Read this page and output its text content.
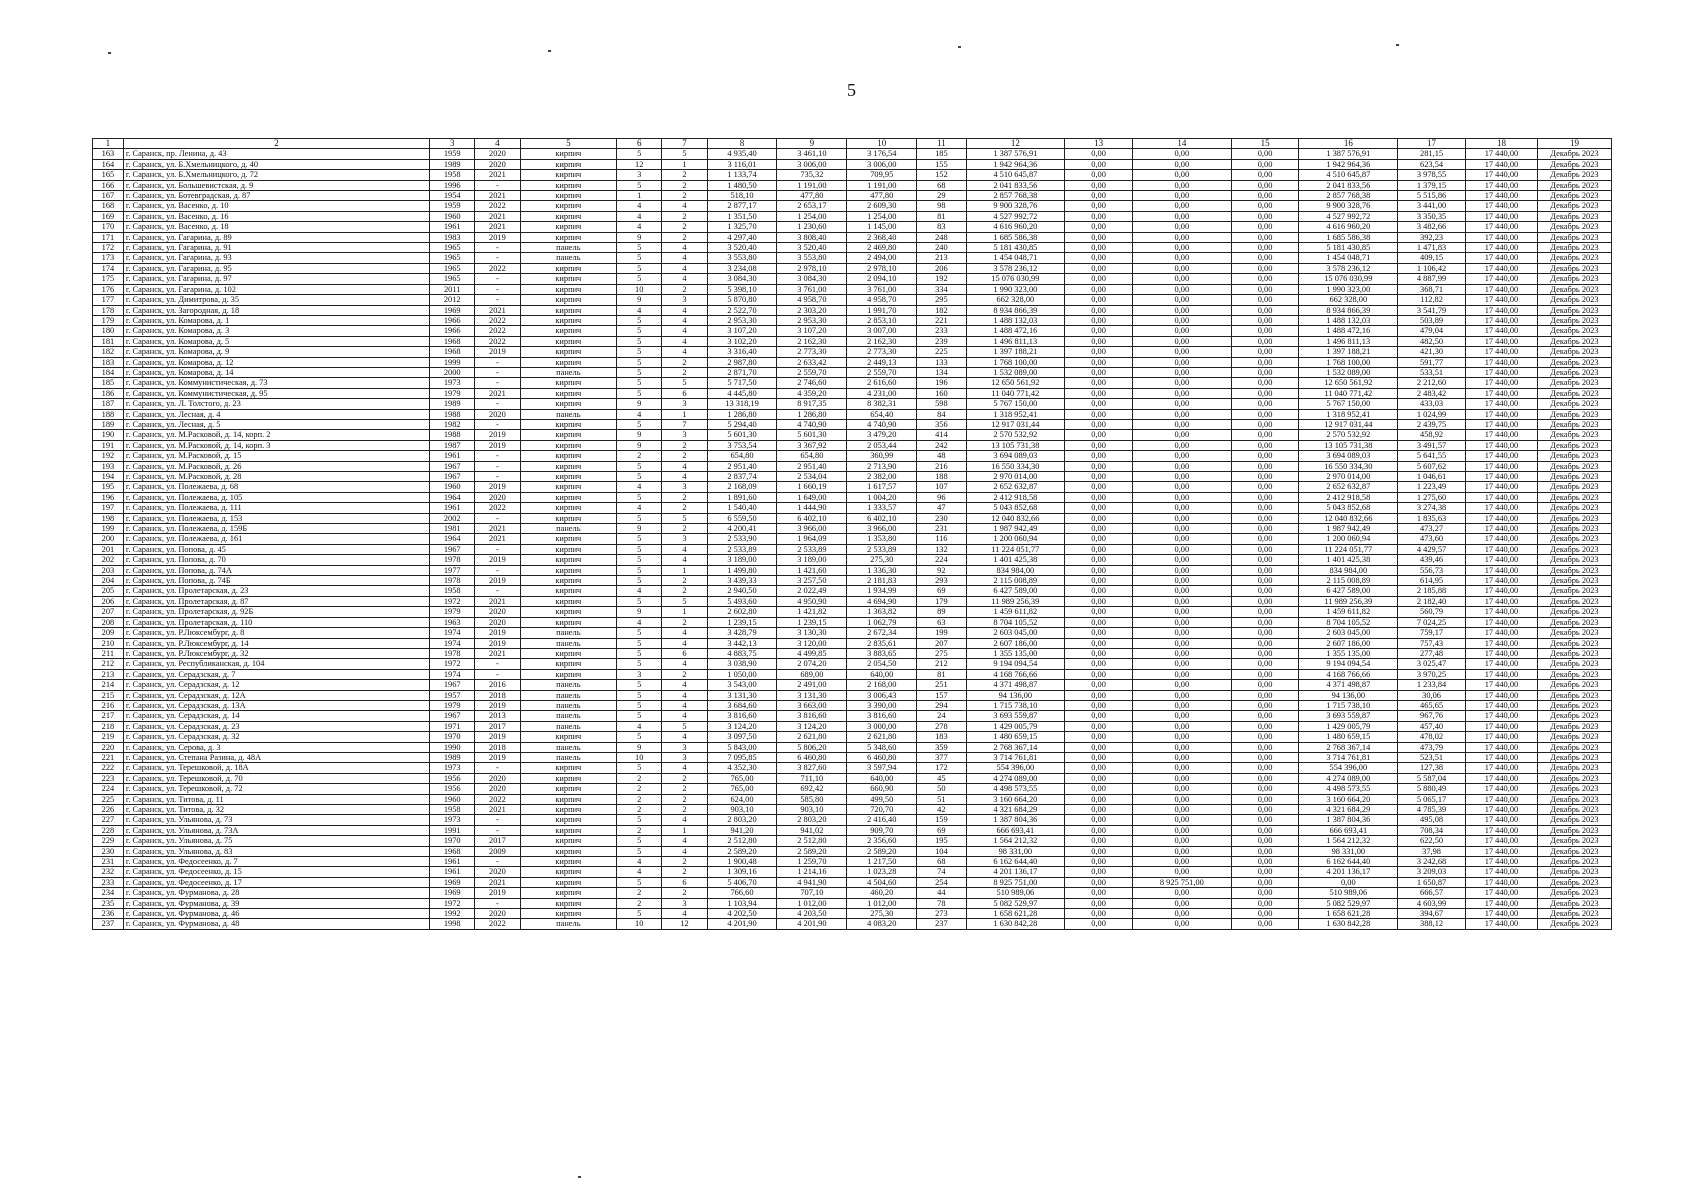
5
1	2	3	4	5	6	7	8	9	10	11	12	13	14	15	16	17	18	19
163	г. Саранск, пр. Ленина, д. 43	1959	2020	кирпич	5	5	4 935,40	3 461,10	3 176,54	185	1 387 576,91	0,00	0,00	0,00	1 387 576,91	281,15	17 440,00	Декабрь 2023
164	г. Саранск, ул. Б.Хмельницкого, д. 40	1989	2020	кирпич	12	1	3 116,01	3 006,00	3 006,00	155	1 942 964,36	0,00	0,00	0,00	1 942 964,36	623,54	17 440,00	Декабрь 2023
165	г. Саранск, ул. Б.Хмельницкого, д. 72	1958	2021	кирпич	3	2	1 133,74	735,32	709,95	152	4 510 645,87	0,00	0,00	0,00	4 510 645,87	3 978,55	17 440,00	Декабрь 2023
166	г. Саранск, ул. Большевистская, д. 9	1996	-	кирпич	5	2	1 480,50	1 191,00	1 191,00	68	2 041 833,56	0,00	0,00	0,00	2 041 833,56	1 379,15	17 440,00	Декабрь 2023
167	г. Саранск, ул. Ботевградская, д. 87	1954	2021	кирпич	1	2	518,10	477,80	477,80	29	2 857 768,38	0,00	0,00	0,00	2 857 768,38	5 515,86	17 440,00	Декабрь 2023
168	г. Саранск, ул. Васенко, д. 10	1959	2022	кирпич	4	4	2 877,17	2 653,17	2 609,30	98	9 900 328,76	0,00	0,00	0,00	9 900 328,76	3 441,00	17 440,00	Декабрь 2023
169	г. Саранск, ул. Васенко, д. 16	1960	2021	кирпич	4	2	1 351,50	1 254,00	1 254,00	81	4 527 992,72	0,00	0,00	0,00	4 527 992,72	3 350,35	17 440,00	Декабрь 2023
170	г. Саранск, ул. Васенко, д. 18	1961	2021	кирпич	4	2	1 325,70	1 230,60	1 145,00	83	4 616 960,20	0,00	0,00	0,00	4 616 960,20	3 482,66	17 440,00	Декабрь 2023
171	г. Саранск, ул. Гагарина, д. 89	1983	2019	кирпич	9	2	4 297,40	3 808,40	2 368,40	248	1 685 586,38	0,00	0,00	0,00	1 685 586,38	392,23	17 440,00	Декабрь 2023
172	г. Саранск, ул. Гагарина, д. 91	1965	-	панель	5	4	3 520,40	3 520,40	2 469,80	240	5 181 430,85	0,00	0,00	0,00	5 181 430,85	1 471,83	17 440,00	Декабрь 2023
173	г. Саранск, ул. Гагарина, д. 93	1965	-	панель	5	4	3 553,80	3 553,80	2 494,00	213	1 454 048,71	0,00	0,00	0,00	1 454 048,71	409,15	17 440,00	Декабрь 2023
174	г. Саранск, ул. Гагарина, д. 95	1965	2022	кирпич	5	4	3 234,08	2 978,10	2 978,10	206	3 578 236,12	0,00	0,00	0,00	3 578 236,12	1 106,42	17 440,00	Декабрь 2023
175	г. Саранск, ул. Гагарина, д. 97	1965	-	кирпич	5	4	3 084,30	3 084,30	2 094,10	192	15 076 030,99	0,00	0,00	0,00	15 076 030,99	4 887,99	17 440,00	Декабрь 2023
176	г. Саранск, ул. Гагарина, д. 102	2011	-	кирпич	10	2	5 398,10	3 761,00	3 761,00	334	1 990 323,00	0,00	0,00	0,00	1 990 323,00	368,71	17 440,00	Декабрь 2023
177	г. Саранск, ул. Димитрова, д. 35	2012	-	кирпич	9	3	5 870,80	4 958,70	4 958,70	295	662 328,00	0,00	0,00	0,00	662 328,00	112,82	17 440,00	Декабрь 2023
178	г. Саранск, ул. Загородная, д. 18	1969	2021	кирпич	4	4	2 522,70	2 303,20	1 991,70	182	8 934 866,39	0,00	0,00	0,00	8 934 866,39	3 541,79	17 440,00	Декабрь 2023
179	г. Саранск, ул. Комарова, д. 1	1966	2022	кирпич	5	4	2 953,30	2 953,30	2 853,10	221	1 488 132,03	0,00	0,00	0,00	1 488 132,03	503,89	17 440,00	Декабрь 2023
180	г. Саранск, ул. Комарова, д. 3	1966	2022	кирпич	5	4	3 107,20	3 107,20	3 007,00	233	1 488 472,16	0,00	0,00	0,00	1 488 472,16	479,04	17 440,00	Декабрь 2023
181	г. Саранск, ул. Комарова, д. 5	1968	2022	кирпич	5	4	3 102,20	2 162,30	2 162,30	239	1 496 811,13	0,00	0,00	0,00	1 496 811,13	482,50	17 440,00	Декабрь 2023
182	г. Саранск, ул. Комарова, д. 9	1968	2019	кирпич	5	4	3 316,40	2 773,30	2 773,30	225	1 397 188,21	0,00	0,00	0,00	1 397 188,21	421,30	17 440,00	Декабрь 2023
183	г. Саранск, ул. Комарова, д. 12	1999	-	кирпич	5	2	2 987,80	2 633,42	2 449,13	133	1 768 100,00	0,00	0,00	0,00	1 768 100,00	591,77	17 440,00	Декабрь 2023
184	г. Саранск, ул. Комарова, д. 14	2000	-	панель	5	2	2 871,70	2 559,70	2 559,70	134	1 532 089,00	0,00	0,00	0,00	1 532 089,00	533,51	17 440,00	Декабрь 2023
185	г. Саранск, ул. Коммунистическая, д. 73	1973	-	кирпич	5	5	5 717,50	2 746,60	2 616,60	196	12 650 561,92	0,00	0,00	0,00	12 650 561,92	2 212,60	17 440,00	Декабрь 2023
186	г. Саранск, ул. Коммунистическая, д. 95	1979	2021	кирпич	5	6	4 445,80	4 359,20	4 231,00	160	11 040 771,42	0,00	0,00	0,00	11 040 771,42	2 483,42	17 440,00	Декабрь 2023
187	г. Саранск, ул. Л. Толстого, д. 23	1989	-	кирпич	9	3	13 318,19	8 917,35	8 382,31	598	5 767 150,00	0,00	0,00	0,00	5 767 150,00	433,03	17 440,00	Декабрь 2023
188	г. Саранск, ул. Лесная, д. 4	1988	2020	панель	4	1	1 286,80	1 286,80	654,40	84	1 318 952,41	0,00	0,00	0,00	1 318 952,41	1 024,99	17 440,00	Декабрь 2023
189	г. Саранск, ул. Лесная, д. 5	1982	-	кирпич	5	7	5 294,40	4 740,90	4 740,90	356	12 917 031,44	0,00	0,00	0,00	12 917 031,44	2 439,75	17 440,00	Декабрь 2023
190	г. Саранск, ул. М.Расковой, д. 14, корп. 2	1988	2019	кирпич	9	3	5 601,30	5 601,30	3 479,20	414	2 570 532,92	0,00	0,00	0,00	2 570 532,92	458,92	17 440,00	Декабрь 2023
191	г. Саранск, ул. М.Расковой, д. 14, корп. 3	1987	2019	кирпич	9	2	3 753,54	3 367,92	2 053,44	242	13 105 731,38	0,00	0,00	0,00	13 105 731,38	3 491,57	17 440,00	Декабрь 2023
192	г. Саранск, ул. М.Расковой, д. 15	1961	-	кирпич	2	2	654,80	654,80	360,99	48	3 694 089,03	0,00	0,00	0,00	3 694 089,03	5 641,55	17 440,00	Декабрь 2023
193	г. Саранск, ул. М.Расковой, д. 26	1967	-	кирпич	5	4	2 951,40	2 951,40	2 713,90	216	16 550 334,30	0,00	0,00	0,00	16 550 334,30	5 607,62	17 440,00	Декабрь 2023
194	г. Саранск, ул. М.Расковой, д. 28	1967	-	кирпич	5	4	2 837,74	2 534,04	2 382,00	188	2 970 014,00	0,00	0,00	0,00	2 970 014,00	1 046,61	17 440,00	Декабрь 2023
195	г. Саранск, ул. Полежаева, д. 68	1960	2019	кирпич	4	3	2 168,09	1 660,19	1 617,57	107	2 652 632,87	0,00	0,00	0,00	2 652 632,87	1 223,49	17 440,00	Декабрь 2023
196	г. Саранск, ул. Полежаева, д. 105	1964	2020	кирпич	5	2	1 891,60	1 649,00	1 004,20	96	2 412 918,58	0,00	0,00	0,00	2 412 918,58	1 275,60	17 440,00	Декабрь 2023
197	г. Саранск, ул. Полежаева, д. 111	1961	2022	кирпич	4	2	1 540,40	1 444,90	1 333,57	47	5 043 852,68	0,00	0,00	0,00	5 043 852,68	3 274,38	17 440,00	Декабрь 2023
198	г. Саранск, ул. Полежаева, д. 153	2002	-	кирпич	5	5	6 559,50	6 402,10	6 402,10	230	12 040 832,66	0,00	0,00	0,00	12 040 832,66	1 835,63	17 440,00	Декабрь 2023
199	г. Саранск, ул. Полежаева, д. 159Б	1981	2021	панель	9	2	4 200,41	3 966,00	3 966,00	231	1 987 942,49	0,00	0,00	0,00	1 987 942,49	473,27	17 440,00	Декабрь 2023
200	г. Саранск, ул. Полежаева, д. 161	1964	2021	кирпич	5	3	2 533,90	1 964,09	1 353,80	116	1 200 060,94	0,00	0,00	0,00	1 200 060,94	473,60	17 440,00	Декабрь 2023
201	г. Саранск, ул. Попова, д. 45	1967	-	кирпич	5	4	2 533,89	2 533,89	2 533,89	132	11 224 051,77	0,00	0,00	0,00	11 224 051,77	4 429,57	17 440,00	Декабрь 2023
202	г. Саранск, ул. Попова, д. 70	1978	2019	кирпич	5	4	3 189,00	3 189,00	275,30	224	1 401 425,38	0,00	0,00	0,00	1 401 425,38	439,46	17 440,00	Декабрь 2023
203	г. Саранск, ул. Попова, д. 74А	1977	-	кирпич	5	1	1 499,80	1 421,60	1 336,30	92	834 984,00	0,00	0,00	0,00	834 984,00	556,73	17 440,00	Декабрь 2023
204	г. Саранск, ул. Попова, д. 74Б	1978	2019	кирпич	5	2	3 439,33	3 257,50	2 181,83	293	2 115 008,89	0,00	0,00	0,00	2 115 008,89	614,95	17 440,00	Декабрь 2023
205	г. Саранск, ул. Пролетарская, д. 23	1958	-	кирпич	4	2	2 940,50	2 022,49	1 934,99	69	6 427 589,00	0,00	0,00	0,00	6 427 589,00	2 185,88	17 440,00	Декабрь 2023
206	г. Саранск, ул. Пролетарская, д. 87	1972	2021	кирпич	5	5	5 493,60	4 950,90	4 694,90	179	11 989 256,39	0,00	0,00	0,00	11 989 256,39	2 182,40	17 440,00	Декабрь 2023
207	г. Саранск, ул. Пролетарская, д. 92Б	1979	2020	кирпич	9	1	2 602,80	1 421,82	1 363,82	89	1 459 611,82	0,00	0,00	0,00	1 459 611,82	560,79	17 440,00	Декабрь 2023
208	г. Саранск, ул. Пролетарская, д. 110	1963	2020	кирпич	4	2	1 239,15	1 239,15	1 062,79	63	8 704 105,52	0,00	0,00	0,00	8 704 105,52	7 024,25	17 440,00	Декабрь 2023
209	г. Саранск, ул. Р.Люксембург, д. 8	1974	2019	панель	5	4	3 428,79	3 130,30	2 672,34	199	2 603 045,00	0,00	0,00	0,00	2 603 045,00	759,17	17 440,00	Декабрь 2023
210	г. Саранск, ул. Р.Люксембург, д. 14	1974	2019	панель	5	4	3 442,13	3 120,00	2 835,61	207	2 607 186,00	0,00	0,00	0,00	2 607 186,00	757,43	17 440,00	Декабрь 2023
211	г. Саранск, ул. Р.Люксембург, д. 32	1978	2021	кирпич	5	6	4 883,75	4 499,85	3 883,65	275	1 355 135,00	0,00	0,00	0,00	1 355 135,00	277,48	17 440,00	Декабрь 2023
212	г. Саранск, ул. Республиканская, д. 104	1972	-	кирпич	5	4	3 038,90	2 074,20	2 054,50	212	9 194 094,54	0,00	0,00	0,00	9 194 094,54	3 025,47	17 440,00	Декабрь 2023
213	г. Саранск, ул. Серадзская, д. 7	1974	-	кирпич	3	2	1 050,00	689,00	640,00	81	4 168 766,66	0,00	0,00	0,00	4 168 766,66	3 970,25	17 440,00	Декабрь 2023
214	г. Саранск, ул. Серадзская, д. 12	1967	2016	панель	5	4	3 543,00	2 491,00	2 168,00	251	4 371 498,87	0,00	0,00	0,00	4 371 498,87	1 233,84	17 440,00	Декабрь 2023
215	г. Саранск, ул. Серадзская, д. 12А	1957	2018	панель	5	4	3 131,30	3 131,30	3 006,43	157	94 136,00	0,00	0,00	0,00	94 136,00	30,06	17 440,00	Декабрь 2023
216	г. Саранск, ул. Серадзская, д. 13А	1979	2019	панель	5	4	3 684,60	3 663,00	3 390,00	294	1 715 738,10	0,00	0,00	0,00	1 715 738,10	465,65	17 440,00	Декабрь 2023
217	г. Саранск, ул. Серадзская, д. 14	1967	2013	панель	5	4	3 816,60	3 816,60	3 816,60	24	3 693 559,87	0,00	0,00	0,00	3 693 559,87	967,76	17 440,00	Декабрь 2023
218	г. Саранск, ул. Серадзская, д. 23	1971	2017	панель	4	5	3 124,20	3 124,20	3 000,00	278	1 429 005,79	0,00	0,00	0,00	1 429 005,79	457,40	17 440,00	Декабрь 2023
219	г. Саранск, ул. Серадзская, д. 32	1970	2019	кирпич	5	4	3 097,50	2 621,80	2 621,80	183	1 480 659,15	0,00	0,00	0,00	1 480 659,15	478,02	17 440,00	Декабрь 2023
220	г. Саранск, ул. Серова, д. 3	1990	2018	панель	9	3	5 843,00	5 806,20	5 348,60	359	2 768 367,14	0,00	0,00	0,00	2 768 367,14	473,79	17 440,00	Декабрь 2023
221	г. Саранск, ул. Степана Разина, д. 48А	1989	2019	панель	10	3	7 095,85	6 460,80	6 460,80	377	3 714 761,81	0,00	0,00	0,00	3 714 761,81	523,51	17 440,00	Декабрь 2023
222	г. Саранск, ул. Терешковой, д. 18А	1973	-	кирпич	5	4	4 352,30	3 827,60	3 597,94	172	554 396,00	0,00	0,00	0,00	554 396,00	127,38	17 440,00	Декабрь 2023
223	г. Саранск, ул. Терешковой, д. 70	1956	2020	кирпич	2	2	765,00	711,10	640,00	45	4 274 089,00	0,00	0,00	0,00	4 274 089,00	5 587,04	17 440,00	Декабрь 2023
224	г. Саранск, ул. Терешковой, д. 72	1956	2020	кирпич	2	2	765,00	692,42	660,90	50	4 498 573,55	0,00	0,00	0,00	4 498 573,55	5 880,49	17 440,00	Декабрь 2023
225	г. Саранск, ул. Титова, д. 11	1960	2022	кирпич	2	2	624,00	585,80	499,50	51	3 160 664,20	0,00	0,00	0,00	3 160 664,20	5 065,17	17 440,00	Декабрь 2023
226	г. Саранск, ул. Титова, д. 32	1958	2021	кирпич	2	2	903,10	903,10	720,70	42	4 321 684,29	0,00	0,00	0,00	4 321 684,29	4 785,39	17 440,00	Декабрь 2023
227	г. Саранск, ул. Ульянова, д. 73	1973	-	кирпич	5	4	2 803,20	2 803,20	2 416,40	159	1 387 804,36	0,00	0,00	0,00	1 387 804,36	495,08	17 440,00	Декабрь 2023
228	г. Саранск, ул. Ульянова, д. 73А	1991	-	кирпич	2	1	941,20	941,02	909,70	69	666 693,41	0,00	0,00	0,00	666 693,41	708,34	17 440,00	Декабрь 2023
229	г. Саранск, ул. Ульянова, д. 75	1970	2017	кирпич	5	4	2 512,80	2 512,80	2 356,60	195	1 564 212,32	0,00	0,00	0,00	1 564 212,32	622,50	17 440,00	Декабрь 2023
230	г. Саранск, ул. Ульянова, д. 83	1968	2009	кирпич	5	4	2 589,20	2 589,20	2 589,20	104	98 331,00	0,00	0,00	0,00	98 331,00	37,98	17 440,00	Декабрь 2023
231	г. Саранск, ул. Федосеенко, д. 7	1961	-	кирпич	4	2	1 900,48	1 259,70	1 217,50	68	6 162 644,40	0,00	0,00	0,00	6 162 644,40	3 242,68	17 440,00	Декабрь 2023
232	г. Саранск, ул. Федосеенко, д. 15	1961	2020	кирпич	4	2	1 309,16	1 214,16	1 023,28	74	4 201 136,17	0,00	0,00	0,00	4 201 136,17	3 209,03	17 440,00	Декабрь 2023
233	г. Саранск, ул. Федосеенко, д. 17	1969	2021	кирпич	5	6	5 406,70	4 941,90	4 504,60	254	8 925 751,00	0,00	8 925 751,00	0,00	0,00	1 650,87	17 440,00	Декабрь 2023
234	г. Саранск, ул. Фурманова, д. 28	1969	2019	кирпич	2	2	766,60	707,10	460,20	44	510 989,06	0,00	0,00	0,00	510 989,06	666,57	17 440,00	Декабрь 2023
235	г. Саранск, ул. Фурманова, д. 39	1972	-	кирпич	2	3	1 103,94	1 012,00	1 012,00	78	5 082 529,97	0,00	0,00	0,00	5 082 529,97	4 603,99	17 440,00	Декабрь 2023
236	г. Саранск, ул. Фурманова, д. 46	1992	2020	кирпич	5	4	4 202,50	4 203,50	275,30	273	1 658 621,28	0,00	0,00	0,00	1 658 621,28	394,67	17 440,00	Декабрь 2023
237	г. Саранск, ул. Фурманова, д. 48	1998	2022	панель	10	12	4 201,90	4 201,90	4 083,20	237	1 630 842,28	0,00	0,00	0,00	1 630 842,28	388,12	17 440,00	Декабрь 2023
